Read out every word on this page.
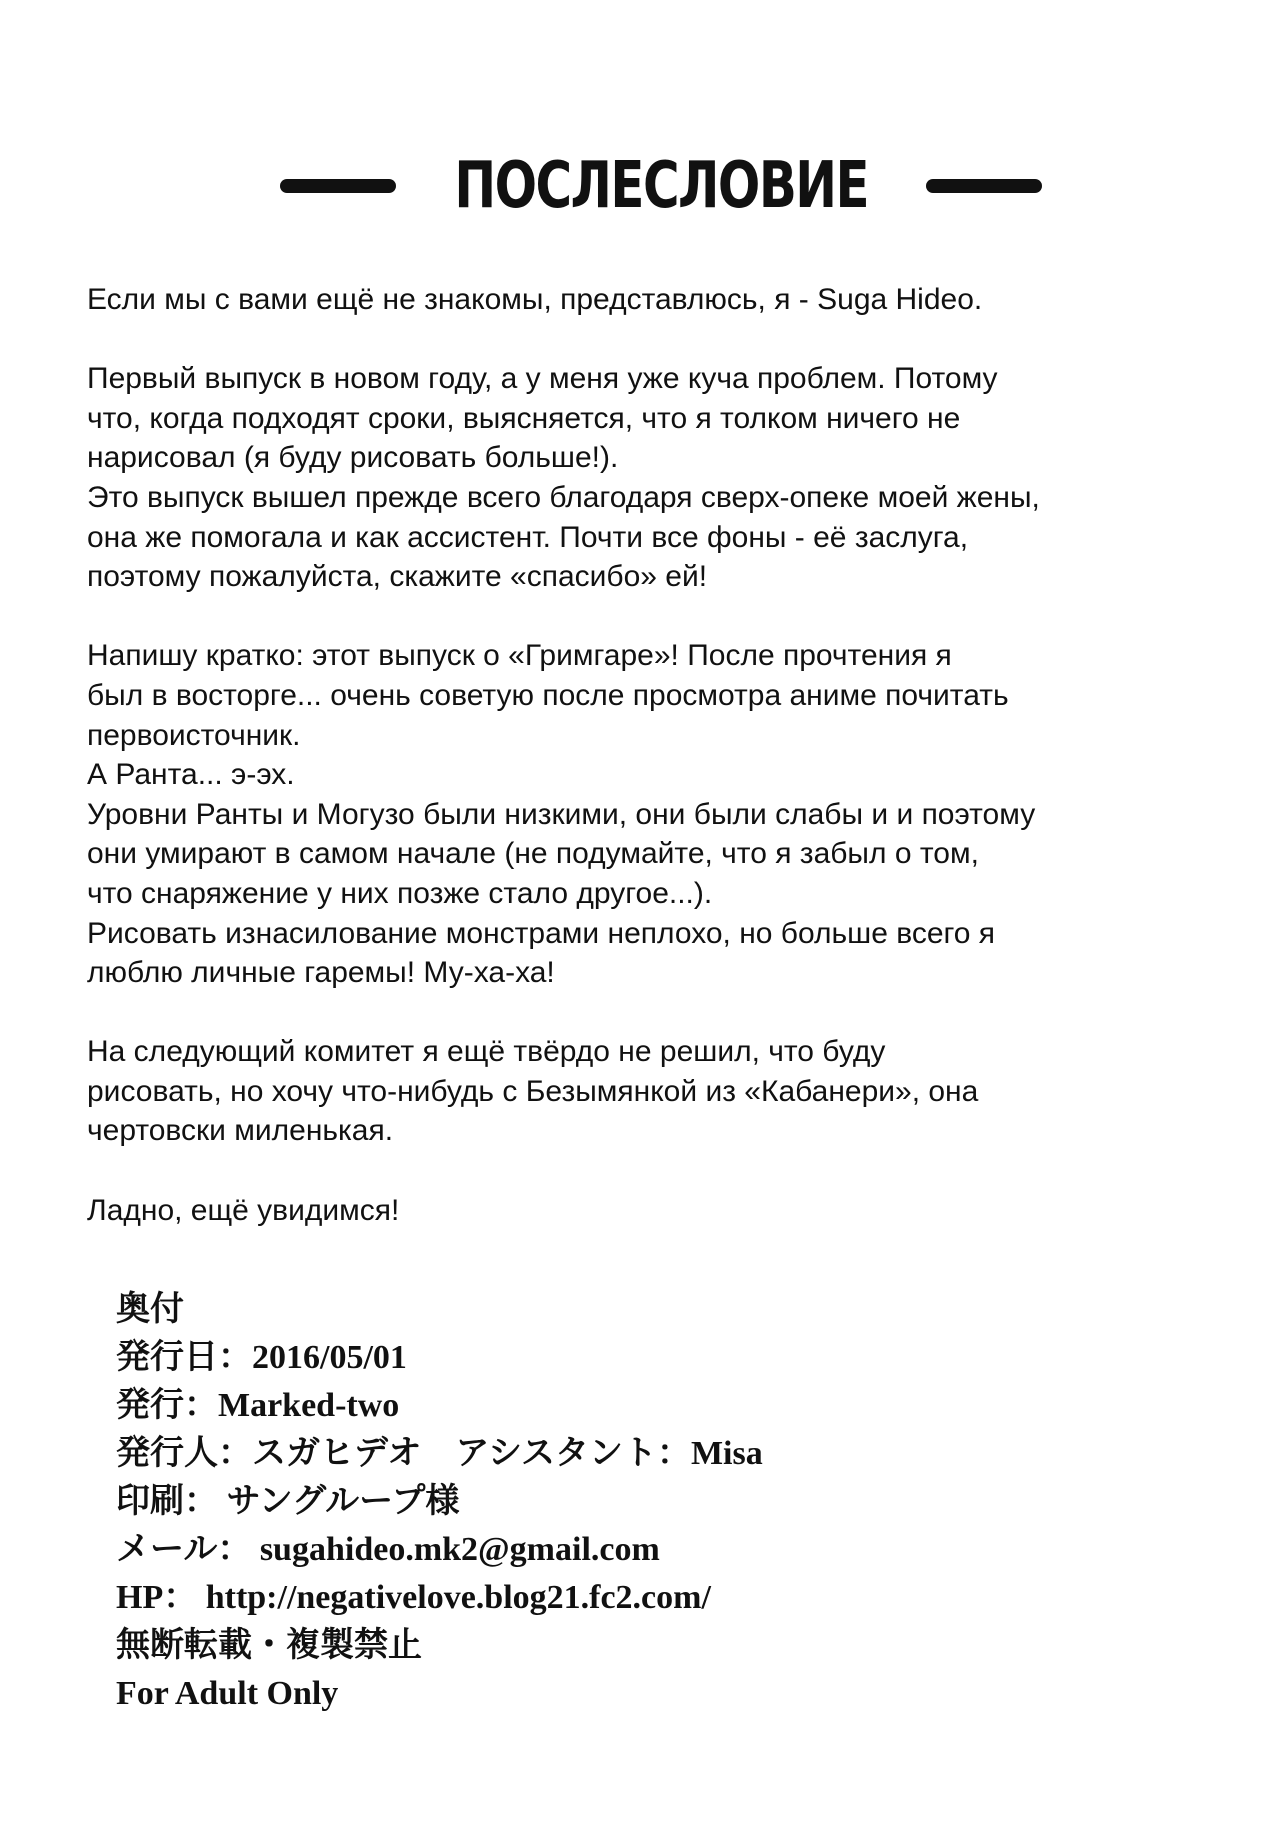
ПОСЛЕСЛОВИЕ
Если мы с вами ещё не знакомы, представлюсь, я - Suga Hideo.
Первый выпуск в новом году, а у меня уже куча проблем. Потому
что, когда подходят сроки, выясняется, что я толком ничего не
нарисовал (я буду рисовать больше!).
Это выпуск вышел прежде всего благодаря сверх-опеке моей жены,
она же помогала и как ассистент. Почти все фоны - её заслуга,
поэтому пожалуйста, скажите «спасибо» ей!
Напишу кратко: этот выпуск о «Гримгаре»! После прочтения я
был в восторге... очень советую после просмотра аниме почитать
первоисточник.
А Ранта... э-эх.
Уровни Ранты и Могузо были низкими, они были слабы и и поэтому
они умирают в самом начале (не подумайте, что я забыл о том,
что снаряжение у них позже стало другое...).
Рисовать изнасилование монстрами неплохо, но больше всего я
люблю личные гаремы! Му-ха-ха!
На следующий комитет я ещё твёрдо не решил, что буду
рисовать, но хочу что-нибудь с Безымянкой из «Кабанери», она
чертовски миленькая.
Ладно, ещё увидимся!
奥付
発行日：2016/05/01
発行：Marked-two
発行人：スガヒデオ　アシスタント：Misa
印刷： サングループ様
メール： sugahideo.mk2@gmail.com
HP： http://negativelove.blog21.fc2.com/
無断転載・複製禁止
For Adult Only
